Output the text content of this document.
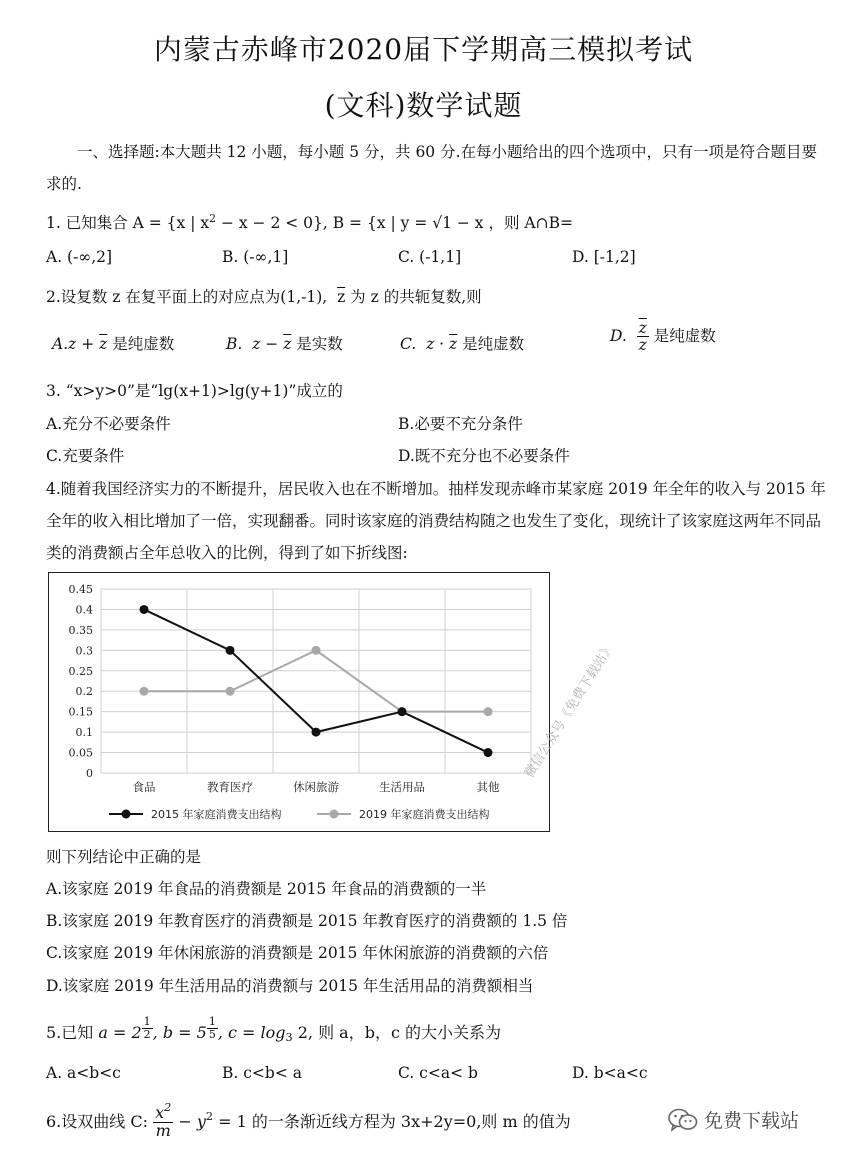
内蒙古赤峰市2020届下学期高三模拟考试
(文科)数学试题
一、选择题:本大题共 12 小题，每小题 5 分，共 60 分.在每小题给出的四个选项中，只有一项是符合题目要求的.
1. 已知集合 A = {x | $x^2 - x - 2 < 0$}, B = {x | y = √1 − x ，则 A∩B=
A. (-∞,2]	B. (-∞,1]	C. (-1,1]	D. [-1,2]
2.设复数 z 在复平面上的对应点为(1,-1), $\overline{z}$ 为 z 的共轭复数,则
$A.z + \overline{z}$ 是纯虚数	B. $z - \overline{z}$ 是实数	C. $z \cdot \overline{z}$ 是纯虚数	D. $\frac{\overline{z}}{z}$ 是纯虚数
3. “x>y>0”是“lg(x+1)>lg(y+1)”成立的
A.充分不必要条件	B.必要不充分条件
C.充要条件	D.既不充分也不必要条件
4.随着我国经济实力的不断提升，居民收入也在不断增加。抽样发现赤峰市某家庭 2019 年全年的收入与 2015 年全年的收入相比增加了一倍，实现翻番。同时该家庭的消费结构随之也发生了变化，现统计了该家庭这两年不同品类的消费额占全年总收入的比例，得到了如下折线图:
0
0.05
0.1
0.15
0.2
0.25
0.3
0.35
0.4
0.45
食品	教育医疗	休闲旅游	生活用品	其他
2015 年家庭消费支出结构	2019 年家庭消费支出结构
微信公众号《免费下载站》
则下列结论中正确的是
A.该家庭 2019 年食品的消费额是 2015 年食品的消费额的一半
B.该家庭 2019 年教育医疗的消费额是 2015 年教育医疗的消费额的 1.5 倍
C.该家庭 2019 年休闲旅游的消费额是 2015 年休闲旅游的消费额的六倍
D.该家庭 2019 年生活用品的消费额与 2015 年生活用品的消费额相当
5.已知 a = 2 $^{\frac{1}{2}}$ , b = 5 $^{\frac{1}{5}}$ , $c = \log_3 2$, 则 a，b，c 的大小关系为
A. a<b<c	B. c<b< a	C. c<a< b	D. b<a<c
6.设双曲线 C: $\frac{x^2}{m} - y^2 = 1$ 的一条渐近线方程为 3x+2y=0,则 m 的值为	免费下载站
